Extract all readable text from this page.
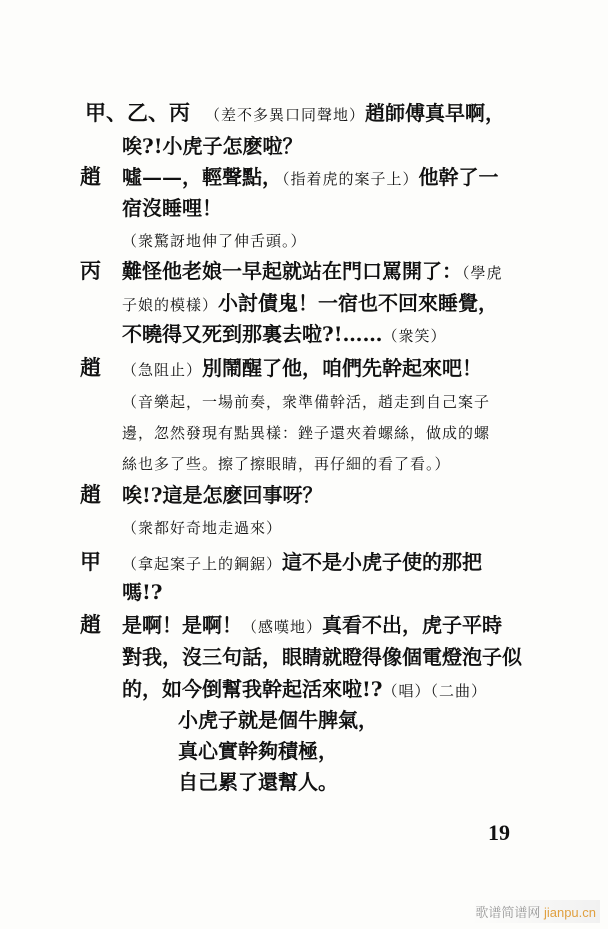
甲、乙、丙 （差不多異口同聲地）趙師傅真早啊，
唉?!小虎子怎麽啦？
趙 噓——，輕聲點，（指着虎的案子上）他幹了一
宿沒睡哩！
（衆驚訝地伸了伸舌頭。）
丙 難怪他老娘一早起就站在門口罵開了：（學虎
子娘的模樣）小討債鬼！一宿也不回來睡覺，
不曉得又死到那裏去啦?!……（衆笑）
趙 （急阻止）別鬧醒了他，咱們先幹起來吧！
（音樂起，一場前奏，衆準備幹活，趙走到自己案子
邊，忽然發現有點異樣：銼子還夾着螺絲，做成的螺
絲也多了些。擦了擦眼睛，再仔細的看了看。）
趙 唉!?這是怎麽回事呀？
（衆都好奇地走過來）
甲 （拿起案子上的鋼鋸）這不是小虎子使的那把
嗎!?
趙 是啊！是啊！（感嘆地）真看不出，虎子平時
對我，沒三句話，眼睛就瞪得像個電燈泡子似
的，如今倒幫我幹起活來啦!?（唱）（二曲）
小虎子就是個牛脾氣，
真心實幹夠積極，
自己累了還幫人。
19
歌谱简谱网 jianpu.cn
